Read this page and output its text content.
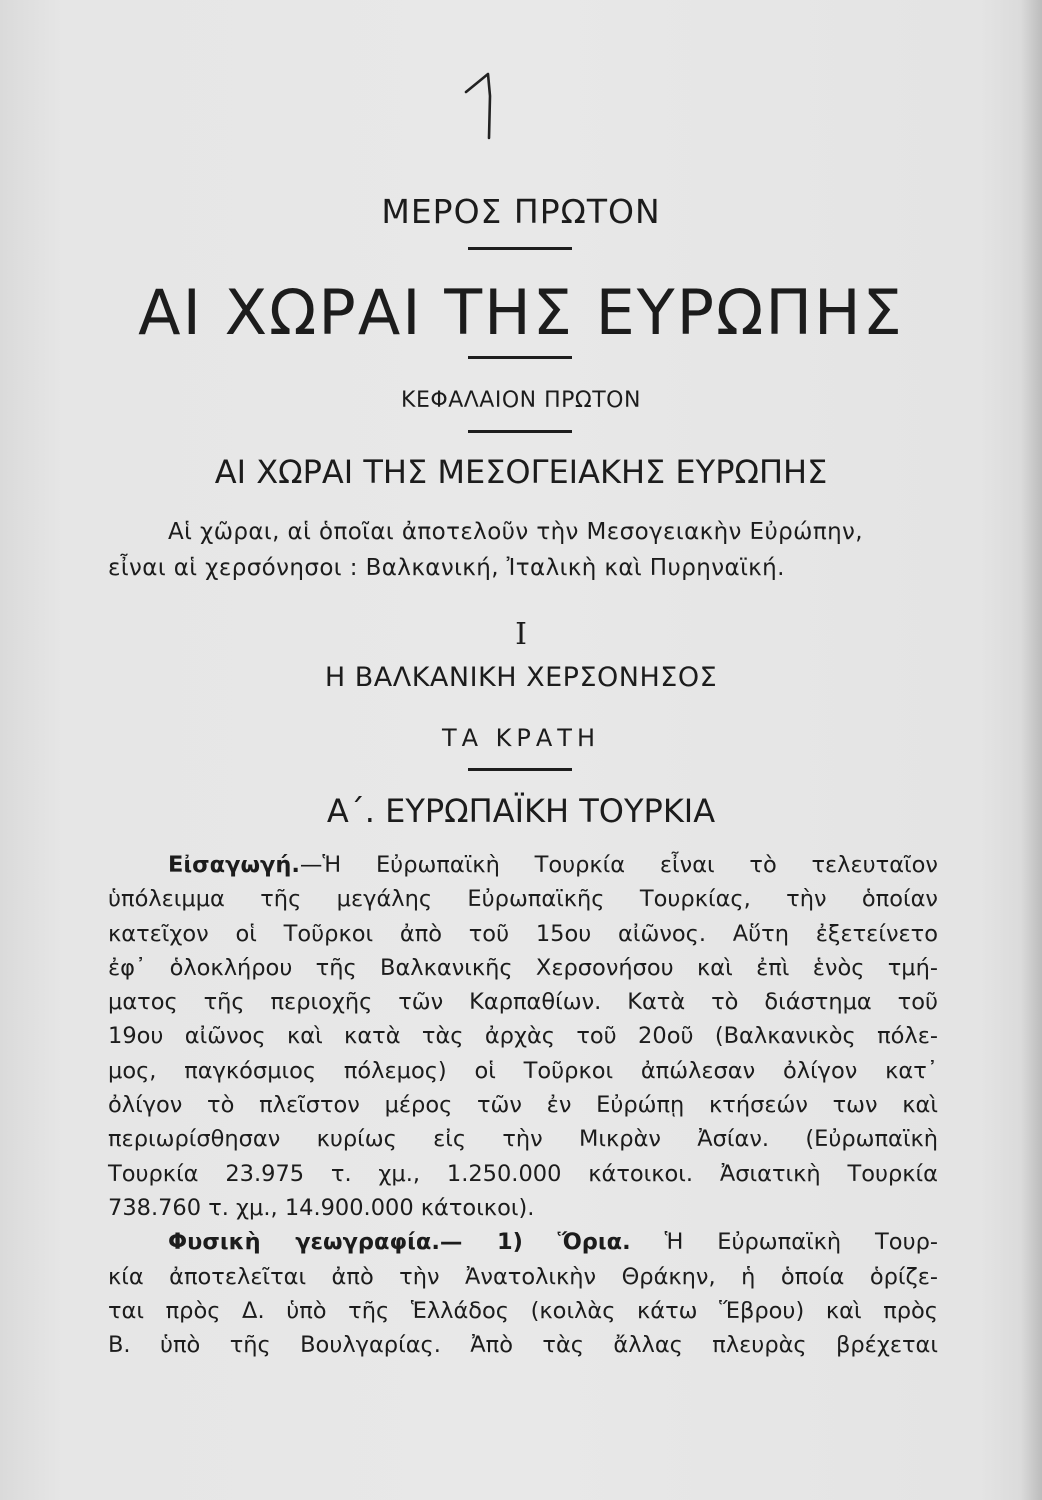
ΜΕΡΟΣ ΠΡΩΤΟΝ
ΑΙ ΧΩΡΑΙ ΤΗΣ ΕΥΡΩΠΗΣ
ΚΕΦΑΛΑΙΟΝ ΠΡΩΤΟΝ
ΑΙ ΧΩΡΑΙ ΤΗΣ ΜΕΣΟΓΕΙΑΚΗΣ ΕΥΡΩΠΗΣ
Αἱ χῶραι, αἱ ὁποῖαι ἀποτελοῦν τὴν Μεσογειακὴν Εὐρώπην,
εἶναι αἱ χερσόνησοι : Βαλκανική, Ἰταλικὴ καὶ Πυρηναϊκή.
I
Η ΒΑΛΚΑΝΙΚΗ ΧΕΡΣΟΝΗΣΟΣ
ΤΑ ΚΡΑΤΗ
Α΄. ΕΥΡΩΠΑΪΚΗ ΤΟΥΡΚΙΑ
Εἰσαγωγή.—Ἡ Εὐρωπαϊκὴ Τουρκία εἶναι τὸ τελευταῖον
ὑπόλειμμα τῆς μεγάλης Εὐρωπαϊκῆς Τουρκίας, τὴν ὁποίαν
κατεῖχον οἱ Τοῦρκοι ἀπὸ τοῦ 15ου αἰῶνος. Αὕτη ἐξετείνετο
ἐφ᾿ ὁλοκλήρου τῆς Βαλκανικῆς Χερσονήσου καὶ ἐπὶ ἑνὸς τμή-
ματος τῆς περιοχῆς τῶν Καρπαθίων. Κατὰ τὸ διάστημα τοῦ
19ου αἰῶνος καὶ κατὰ τὰς ἀρχὰς τοῦ 20οῦ (Βαλκανικὸς πόλε-
μος, παγκόσμιος πόλεμος) οἱ Τοῦρκοι ἀπώλεσαν ὀλίγον κατ᾿
ὀλίγον τὸ πλεῖστον μέρος τῶν ἐν Εὐρώπῃ κτήσεών των καὶ
περιωρίσθησαν κυρίως εἰς τὴν Μικρὰν Ἀσίαν. (Εὐρωπαϊκὴ
Τουρκία 23.975 τ. χμ., 1.250.000 κάτοικοι. Ἀσιατικὴ Τουρκία
738.760 τ. χμ., 14.900.000 κάτοικοι).
Φυσικὴ γεωγραφία.— 1) Ὅρια. Ἡ Εὐρωπαϊκὴ Τουρ-
κία ἀποτελεῖται ἀπὸ τὴν Ἀνατολικὴν Θράκην, ἡ ὁποία ὁρίζε-
ται πρὸς Δ. ὑπὸ τῆς Ἑλλάδος (κοιλὰς κάτω Ἕβρου) καὶ πρὸς
Β. ὑπὸ τῆς Βουλγαρίας. Ἀπὸ τὰς ἄλλας πλευρὰς βρέχεται
